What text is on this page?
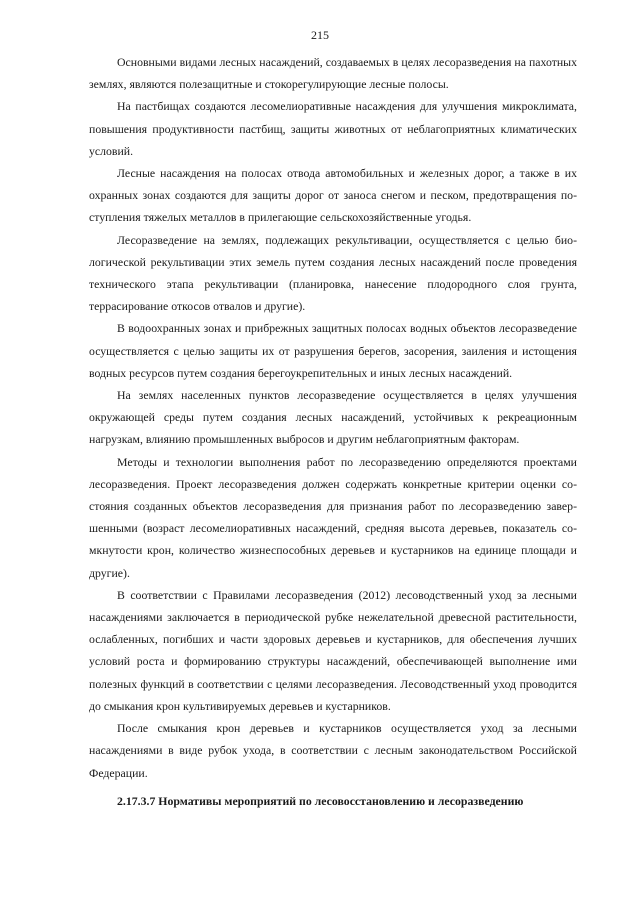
215

Основными видами лесных насаждений, создаваемых в целях лесоразведения на пахотных землях, являются полезащитные и стокорегулирующие лесные полосы.

На пастбищах создаются лесомелиоративные насаждения для улучшения микроклимата, повышения продуктивности пастбищ, защиты животных от неблагоприятных климатических условий.

Лесные насаждения на полосах отвода автомобильных и железных дорог, а также в их охранных зонах создаются для защиты дорог от заноса снегом и песком, предотвращения поступления тяжелых металлов в прилегающие сельскохозяйственные угодья.

Лесоразведение на землях, подлежащих рекультивации, осуществляется с целью биологической рекультивации этих земель путем создания лесных насаждений после проведения технического этапа рекультивации (планировка, нанесение плодородного слоя грунта, террасирование откосов отвалов и другие).

В водоохранных зонах и прибрежных защитных полосах водных объектов лесоразведение осуществляется с целью защиты их от разрушения берегов, засорения, заиления и истощения водных ресурсов путем создания берегоукрепительных и иных лесных насаждений.

На землях населенных пунктов лесоразведение осуществляется в целях улучшения окружающей среды путем создания лесных насаждений, устойчивых к рекреационным нагрузкам, влиянию промышленных выбросов и другим неблагоприятным факторам.

Методы и технологии выполнения работ по лесоразведению определяются проектами лесоразведения. Проект лесоразведения должен содержать конкретные критерии оценки состояния созданных объектов лесоразведения для признания работ по лесоразведению завершенными (возраст лесомелиоративных насаждений, средняя высота деревьев, показатель сомкнутости крон, количество жизнеспособных деревьев и кустарников на единице площади и другие).

В соответствии с Правилами лесоразведения (2012) лесоводственный уход за лесными насаждениями заключается в периодической рубке нежелательной древесной растительности, ослабленных, погибших и части здоровых деревьев и кустарников, для обеспечения лучших условий роста и формированию структуры насаждений, обеспечивающей выполнение ими полезных функций в соответствии с целями лесоразведения. Лесоводственный уход проводится до смыкания крон культивируемых деревьев и кустарников.

После смыкания крон деревьев и кустарников осуществляется уход за лесными насаждениями в виде рубок ухода, в соответствии с лесным законодательством Российской Федерации.

2.17.3.7 Нормативы мероприятий по лесовосстановлению и лесоразведению
